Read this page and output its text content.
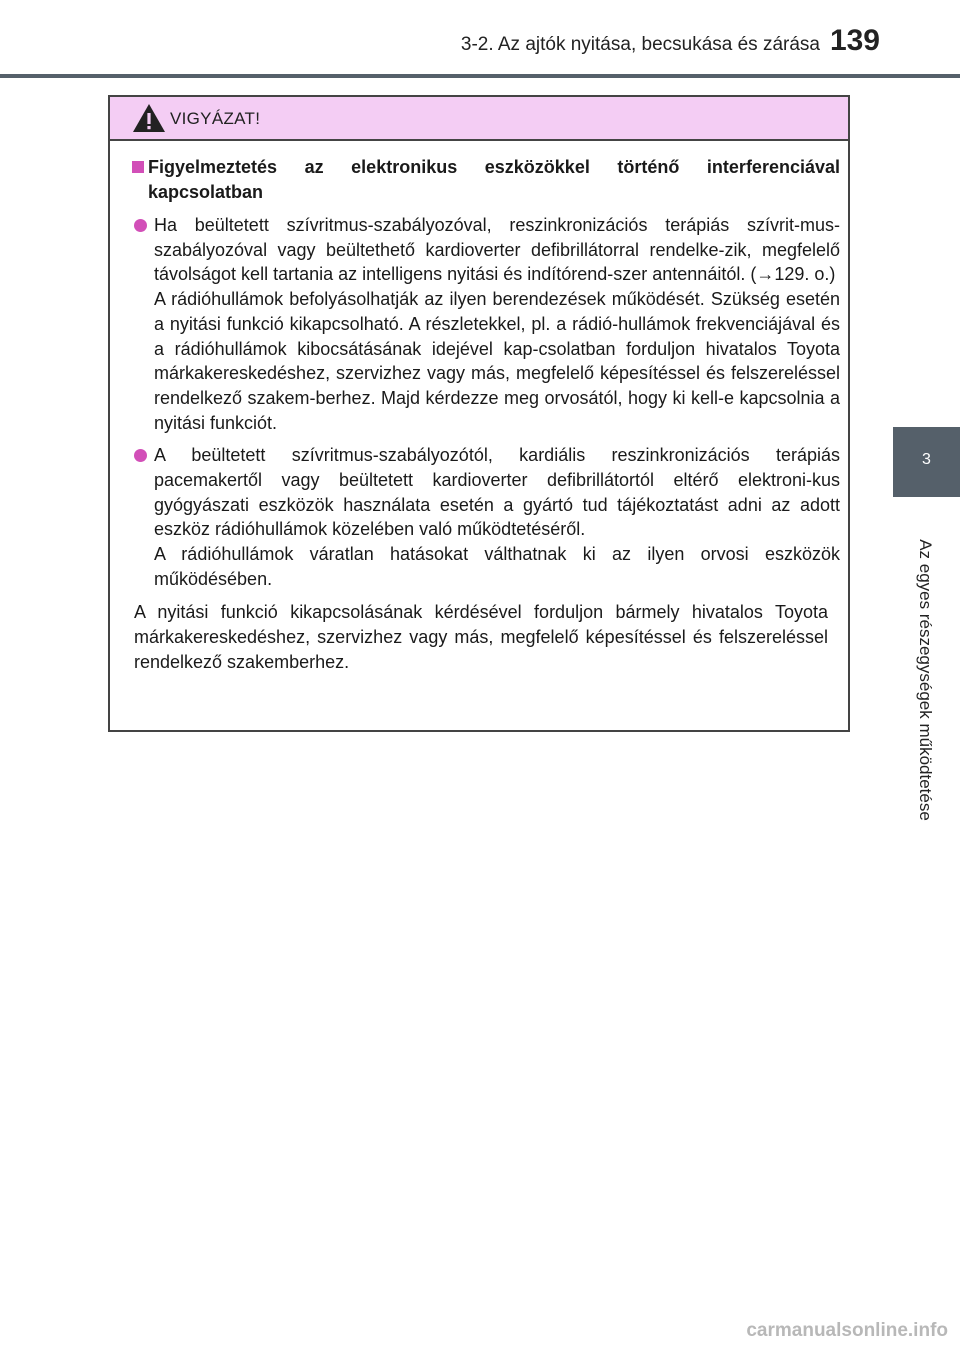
3-2. Az ajtók nyitása, becsukása és zárása 139
3
Az egyes részegységek működtetése
VIGYÁZAT!
Figyelmeztetés az elektronikus eszközökkel történő interferenciával kapcsolatban

Ha beültetett szívritmus-szabályozóval, reszinkronizációs terápiás szívrit-mus-szabályozóval vagy beültethető kardioverter defibrillátorral rendelke-zik, megfelelő távolságot kell tartania az intelligens nyitási és indítórend-szer antennáitól. (→129. o.)

A rádióhullámok befolyásolhatják az ilyen berendezések működését. Szükség esetén a nyitási funkció kikapcsolható. A részletekkel, pl. a rádió-hullámok frekvenciájával és a rádióhullámok kibocsátásának idejével kap-csolatban forduljon hivatalos Toyota márkakereskedéshez, szervizhez vagy más, megfelelő képesítéssel és felszereléssel rendelkező szakem-berhez. Majd kérdezze meg orvosától, hogy ki kell-e kapcsolnia a nyitási funkciót.

A beültetett szívritmus-szabályozótól, kardiális reszinkronizációs terápiás pacemakertől vagy beültetett kardioverter defibrillátortól eltérő elektroni-kus gyógyászati eszközök használata esetén a gyártó tud tájékoztatást adni az adott eszköz rádióhullámok közelében való működtetéséről.

A rádióhullámok váratlan hatásokat válthatnak ki az ilyen orvosi eszközök működésében.

A nyitási funkció kikapcsolásának kérdésével forduljon bármely hivatalos Toyota márkakereskedéshez, szervizhez vagy más, megfelelő képesítéssel és felszereléssel rendelkező szakemberhez.

carmanualsonline.info
